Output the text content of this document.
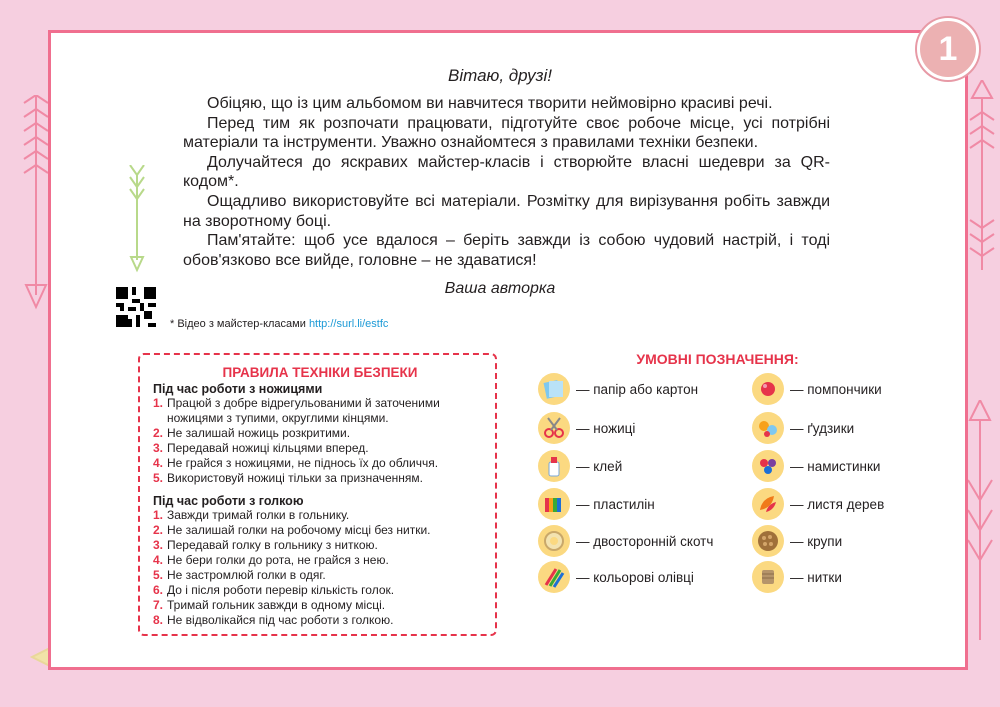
1
Вітаю, друзі!

Обіцяю, що із цим альбомом ви навчитеся творити неймовірно красиві речі.

Перед тим як розпочати працювати, підготуйте своє робоче місце, усі потрібні матеріали та інструменти. Уважно ознайомтеся з правилами техніки безпеки.

Долучайтеся до яскравих майстер-класів і створюйте власні шедеври за QR-кодом*.

Ощадливо використовуйте всі матеріали. Розмітку для вирізування робіть завжди на зворотному боці.

Пам'ятайте: щоб усе вдалося – беріть завжди із собою чудовий настрій, і тоді обов'язково все вийде, головне – не здаватися!

Ваша авторка
* Відео з майстер-класами http://surl.li/estfc
ПРАВИЛА ТЕХНІКИ БЕЗПЕКИ
Під час роботи з ножицями
1. Працюй з добре відрегульованими й заточеними ножицями з тупими, округлими кінцями.
2. Не залишай ножиць розкритими.
3. Передавай ножиці кільцями вперед.
4. Не грайся з ножицями, не піднось їх до обличчя.
5. Використовуй ножиці тільки за призначенням.
Під час роботи з голкою
1. Завжди тримай голки в гольнику.
2. Не залишай голки на робочому місці без нитки.
3. Передавай голку в гольнику з ниткою.
4. Не бери голки до рота, не грайся з нею.
5. Не застромлюй голки в одяг.
6. До і після роботи перевір кількість голок.
7. Тримай гольник завжди в одному місці.
8. Не відволікайся під час роботи з голкою.
УМОВНІ ПОЗНАЧЕННЯ:
— папір або картон
— ножиці
— клей
— пластилін
— двосторонній скотч
— кольорові олівці
— помпончики
— ґудзики
— намистинки
— листя дерев
— крупи
— нитки
